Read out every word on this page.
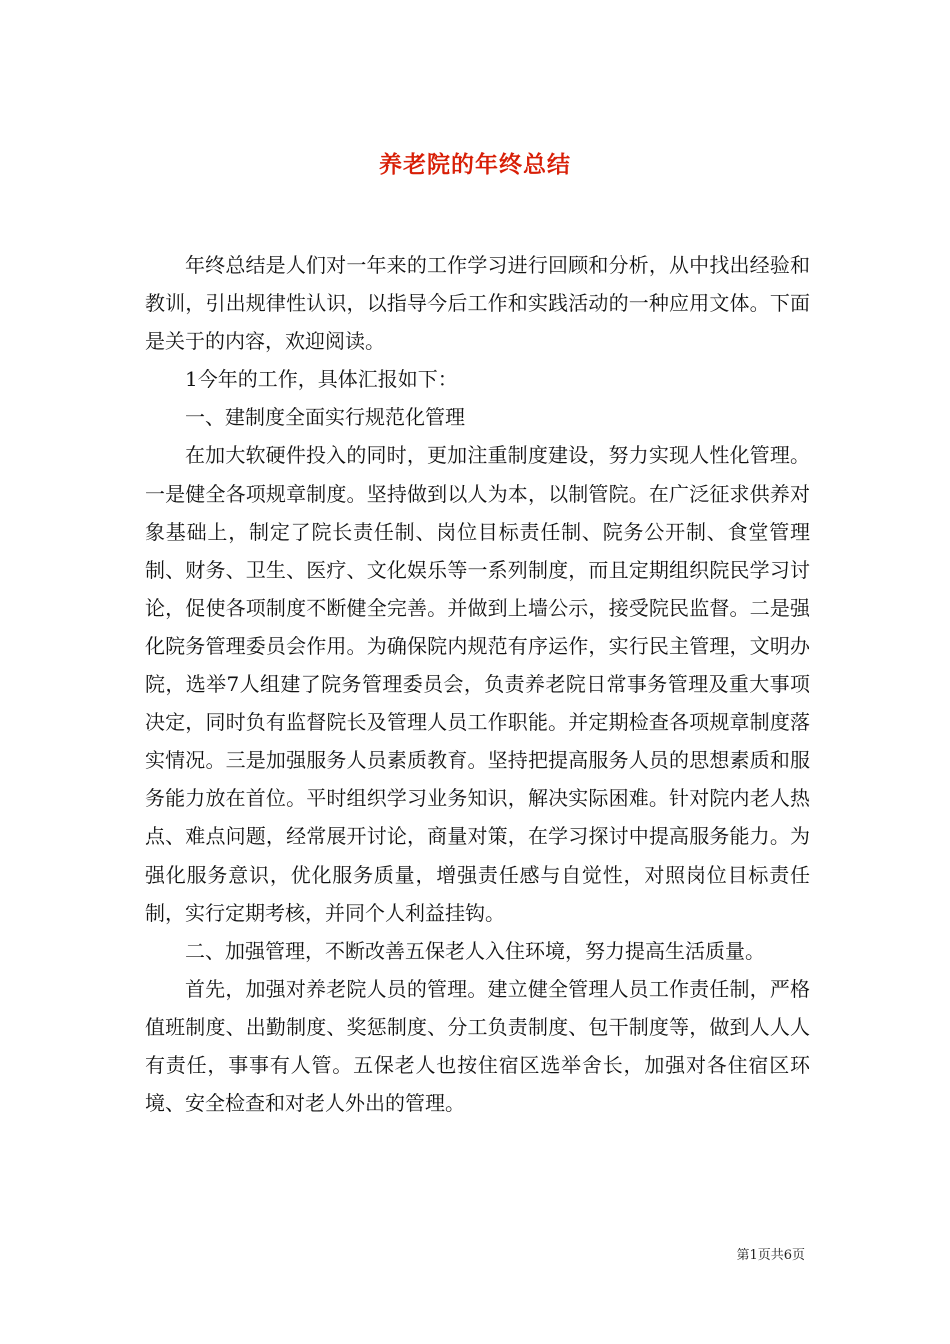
养老院的年终总结

年终总结是人们对一年来的工作学习进行回顾和分析，从中找出经验和教训，引出规律性认识，以指导今后工作和实践活动的一种应用文体。下面是关于的内容，欢迎阅读。

1今年的工作，具体汇报如下：

一、建制度全面实行规范化管理

在加大软硬件投入的同时，更加注重制度建设，努力实现人性化管理。一是健全各项规章制度。坚持做到以人为本，以制管院。在广泛征求供养对象基础上，制定了院长责任制、岗位目标责任制、院务公开制、食堂管理制、财务、卫生、医疗、文化娱乐等一系列制度，而且定期组织院民学习讨论，促使各项制度不断健全完善。并做到上墙公示，接受院民监督。二是强化院务管理委员会作用。为确保院内规范有序运作，实行民主管理，文明办院，选举7人组建了院务管理委员会，负责养老院日常事务管理及重大事项决定，同时负有监督院长及管理人员工作职能。并定期检查各项规章制度落实情况。三是加强服务人员素质教育。坚持把提高服务人员的思想素质和服务能力放在首位。平时组织学习业务知识，解决实际困难。针对院内老人热点、难点问题，经常展开讨论，商量对策，在学习探讨中提高服务能力。为强化服务意识，优化服务质量，增强责任感与自觉性，对照岗位目标责任制，实行定期考核，并同个人利益挂钩。

二、加强管理，不断改善五保老人入住环境，努力提高生活质量。

首先，加强对养老院人员的管理。建立健全管理人员工作责任制，严格值班制度、出勤制度、奖惩制度、分工负责制度、包干制度等，做到人人人有责任，事事有人管。五保老人也按住宿区选举舍长，加强对各住宿区环境、安全检查和对老人外出的管理。

第1页共6页
